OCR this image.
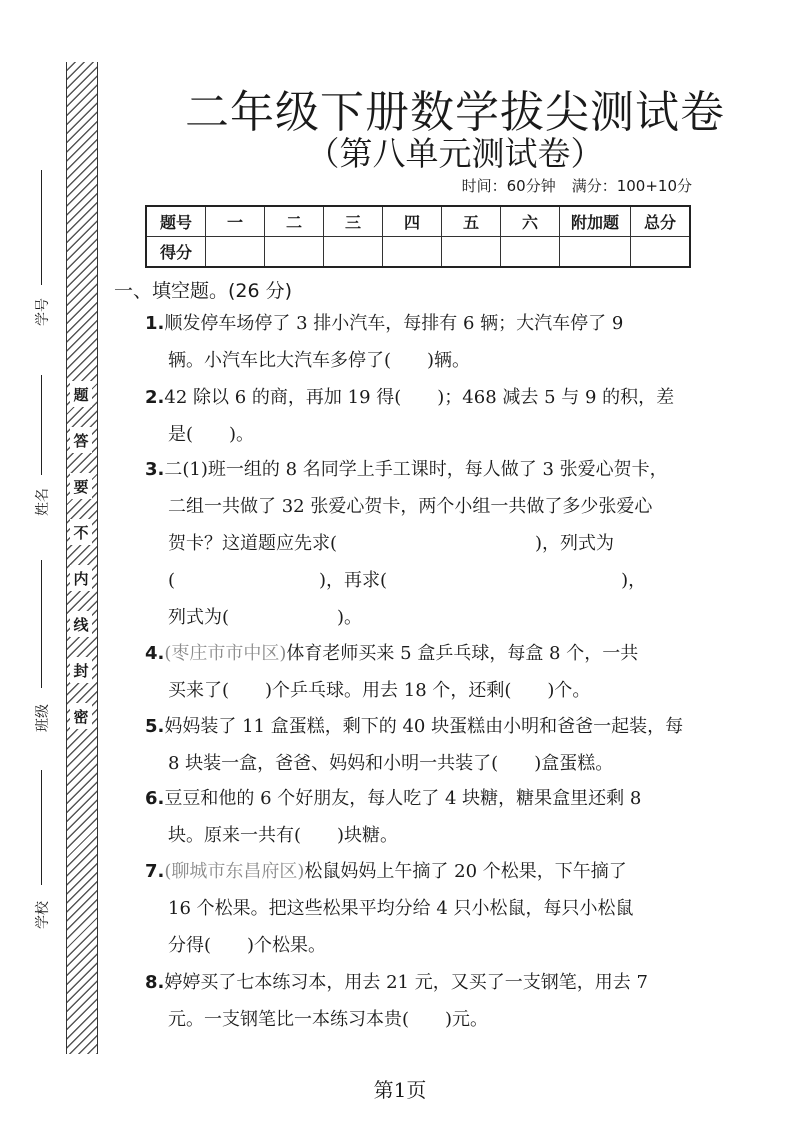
题
答
要
不
内
线
封
密
学号
姓名
班级
学校
二年级下册数学拔尖测试卷
（第八单元测试卷）
时间：60分钟 满分：100+10分
题号	一	二	三	四	五	六	附加题	总分
得分								
一、填空题。(26 分)
1.顺发停车场停了 3 排小汽车，每排有 6 辆；大汽车停了 9
辆。小汽车比大汽车多停了(　　)辆。
2.42 除以 6 的商，再加 19 得(　　)；468 减去 5 与 9 的积，差
是(　　)。
3.二(1)班一组的 8 名同学上手工课时，每人做了 3 张爱心贺卡，
二组一共做了 32 张爱心贺卡，两个小组一共做了多少张爱心
贺卡？这道题应先求(　　　　　　　　　　　)，列式为
(　　　　　　　　)，再求(　　　　　　　　　　　　　)，
列式为(　　　　　　)。
4.(枣庄市市中区)体育老师买来 5 盒乒乓球，每盒 8 个，一共
买来了(　　)个乒乓球。用去 18 个，还剩(　　)个。
5.妈妈装了 11 盒蛋糕，剩下的 40 块蛋糕由小明和爸爸一起装，每
8 块装一盒，爸爸、妈妈和小明一共装了(　　)盒蛋糕。
6.豆豆和他的 6 个好朋友，每人吃了 4 块糖，糖果盒里还剩 8
块。原来一共有(　　)块糖。
7.(聊城市东昌府区)松鼠妈妈上午摘了 20 个松果，下午摘了
16 个松果。把这些松果平均分给 4 只小松鼠，每只小松鼠
分得(　　)个松果。
8.婷婷买了七本练习本，用去 21 元，又买了一支钢笔，用去 7
元。一支钢笔比一本练习本贵(　　)元。
第1页
